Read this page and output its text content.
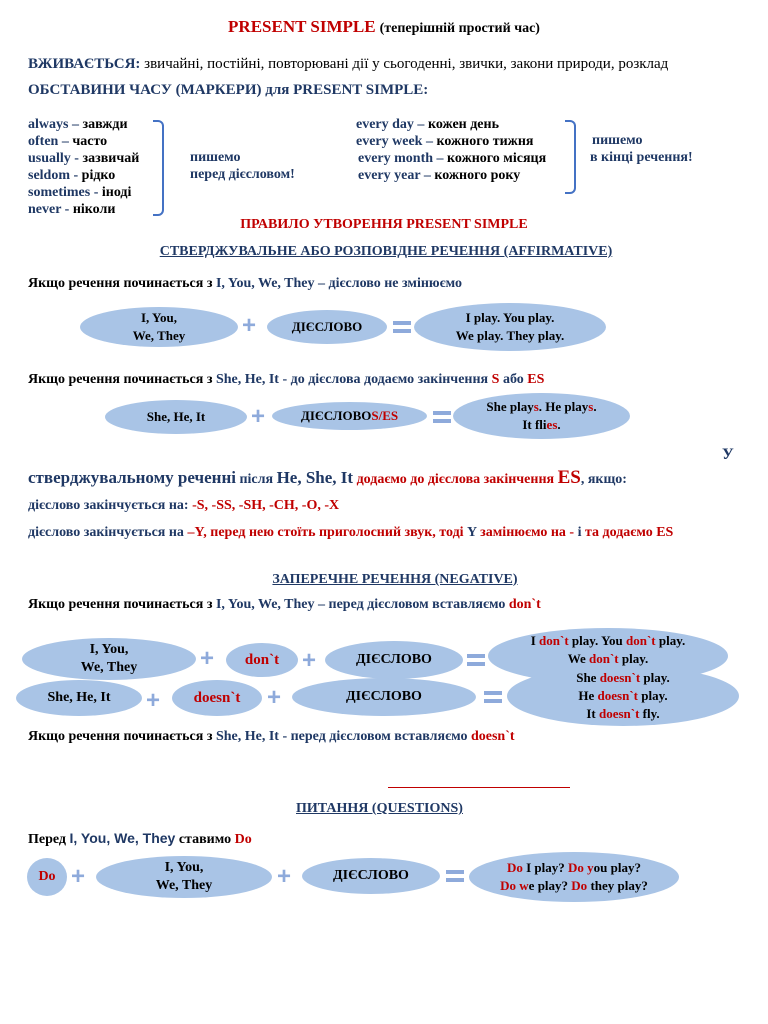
PRESENT SIMPLE (теперішній простий час)
ВЖИВАЄТЬСЯ: звичайні, постійні, повторювані дії у сьогоденні, звички, закони природи, розклад
ОБСТАВИНИ ЧАСУ (МАРКЕРИ) для PRESENT SIMPLE:
always – завжди
often – часто
usually - зазвичай
seldom - рідко
sometimes - іноді
never - ніколи
пишемо
перед дієсловом!
every day – кожен день
every week – кожного тижня
every month – кожного місяця
every year – кожного року
пишемо
в кінці речення!
ПРАВИЛО УТВОРЕННЯ PRESENT SIMPLE
СТВЕРДЖУВАЛЬНЕ АБО РОЗПОВІДНЕ РЕЧЕННЯ (AFFIRMATIVE)
Якщо речення починається з I, You, We, They – дієслово не змінюємо
I, You,
We, They +	ДІЄСЛОВО
I play. You play.
We play. They play.
Якщо речення починається з She, He, It - до дієслова додаємо закінчення S або ES
She, He, It	+	ДІЄСЛОВОS/ES
She plays. He plays.
It flies.
У
стверджувальному реченні після He, She, It додаємо до дієслова закінчення ES, якщо:
дієслово закінчується на: -S, -SS, -SH, -CH, -O, -X
дієслово закінчується на –Y, перед нею стоїть приголосний звук, тоді Y замінюємо на - i та додаємо ES
ЗАПЕРЕЧНЕ РЕЧЕННЯ (NEGATIVE)
Якщо речення починається з I, You, We, They – перед дієсловом вставляємо don`t
I, You,
We, They	+	don`t +	ДІЄСЛОВО
I don`t play. You don`t play.
We don`t play.
She, He, It	+	doesn`t	+	ДІЄСЛОВО
She doesn`t play.
He doesn`t play.
It doesn`t fly.
Якщо речення починається з She, He, It - перед дієсловом вставляємо doesn`t
ПИТАННЯ (QUESTIONS)
Перед I, You, We, They ставимо Do
Do +	I, You,
We, They	+	ДІЄСЛОВО
Do I play? Do you play?
Do we play? Do they play?
